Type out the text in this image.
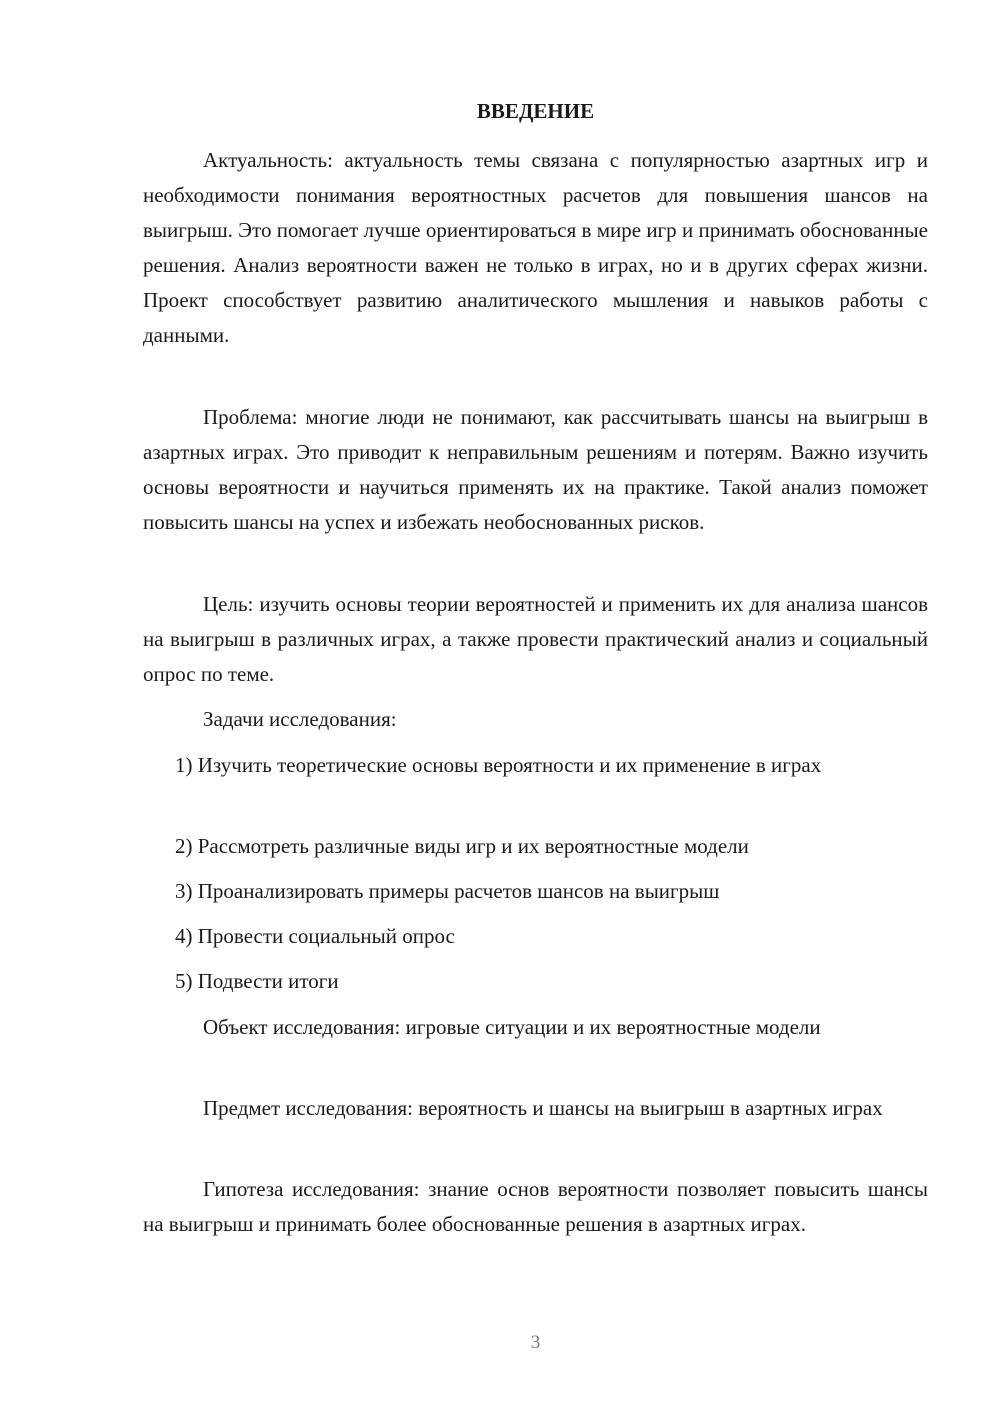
ВВЕДЕНИЕ

Актуальность: актуальность темы связана с популярностью азартных игр и необходимости понимания вероятностных расчетов для повышения шансов на выигрыш. Это помогает лучше ориентироваться в мире игр и принимать обоснованные решения. Анализ вероятности важен не только в играх, но и в других сферах жизни. Проект способствует развитию аналитического мышления и навыков работы с данными.

Проблема: многие люди не понимают, как рассчитывать шансы на выигрыш в азартных играх. Это приводит к неправильным решениям и потерям. Важно изучить основы вероятности и научиться применять их на практике. Такой анализ поможет повысить шансы на успех и избежать необоснованных рисков.

Цель: изучить основы теории вероятностей и применить их для анализа шансов на выигрыш в различных играх, а также провести практический анализ и социальный опрос по теме.

Задачи исследования:

1) Изучить теоретические основы вероятности и их применение в играх

2) Рассмотреть различные виды игр и их вероятностные модели

3) Проанализировать примеры расчетов шансов на выигрыш

4) Провести социальный опрос

5) Подвести итоги

Объект исследования: игровые ситуации и их вероятностные модели

Предмет исследования: вероятность и шансы на выигрыш в азартных играх

Гипотеза исследования: знание основ вероятности позволяет повысить шансы на выигрыш и принимать более обоснованные решения в азартных играх.

3
